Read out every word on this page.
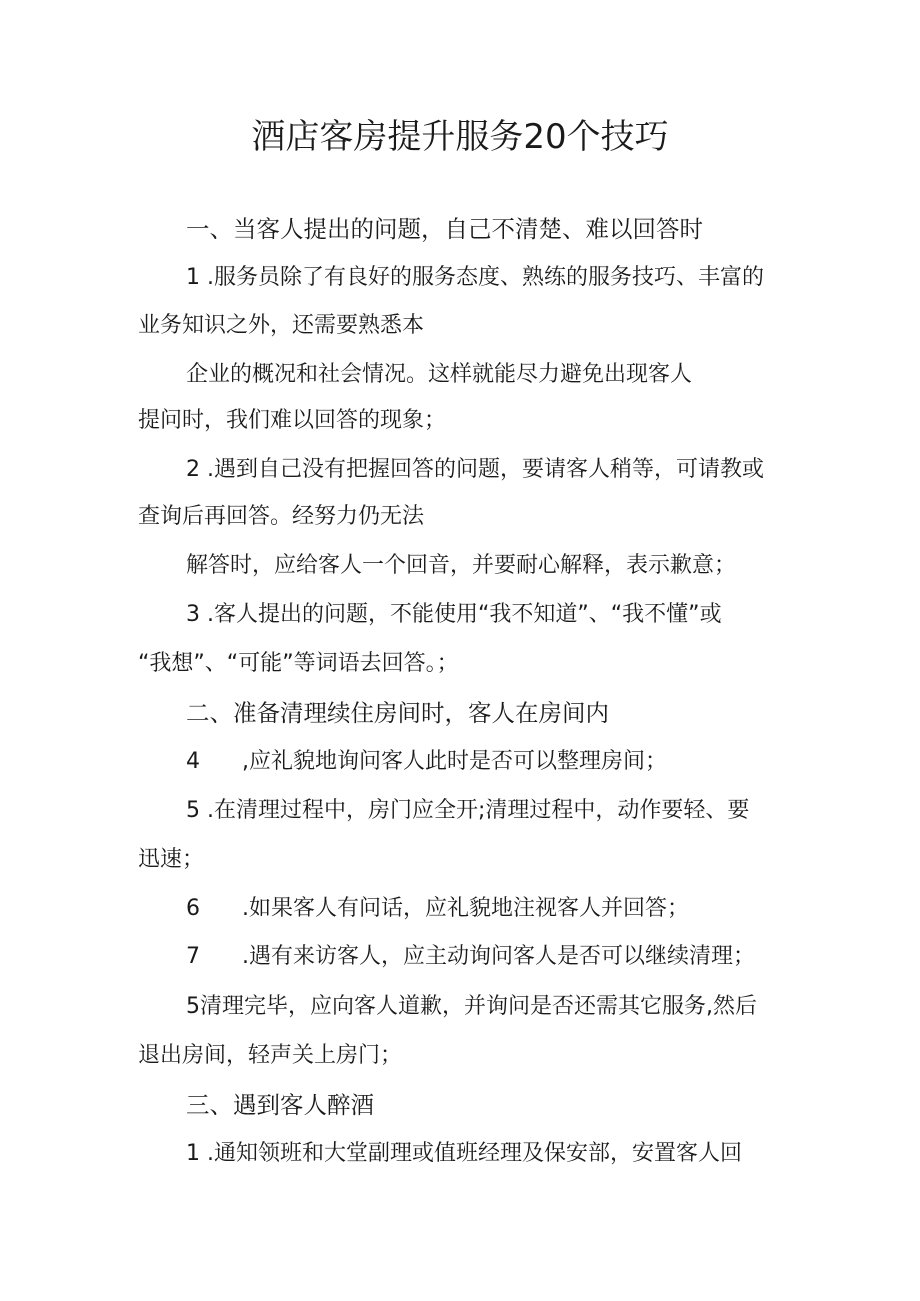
酒店客房提升服务20个技巧
一、当客人提出的问题，自己不清楚、难以回答时
1 .服务员除了有良好的服务态度、熟练的服务技巧、丰富的
业务知识之外，还需要熟悉本
企业的概况和社会情况。这样就能尽力避免出现客人
提问时，我们难以回答的现象；
2 .遇到自己没有把握回答的问题，要请客人稍等，可请教或
查询后再回答。经努力仍无法
解答时，应给客人一个回音，并要耐心解释，表示歉意；
3 .客人提出的问题，不能使用“我不知道”、“我不懂”或
“我想”、“可能”等词语去回答。；
二、准备清理续住房间时，客人在房间内
4      ,应礼貌地询问客人此时是否可以整理房间；
5 .在清理过程中，房门应全开;清理过程中，动作要轻、要
迅速；
6      .如果客人有问话，应礼貌地注视客人并回答；
7      .遇有来访客人，应主动询问客人是否可以继续清理；
5清理完毕，应向客人道歉，并询问是否还需其它服务,然后
退出房间，轻声关上房门；
三、遇到客人醉酒
1 .通知领班和大堂副理或值班经理及保安部，安置客人回
